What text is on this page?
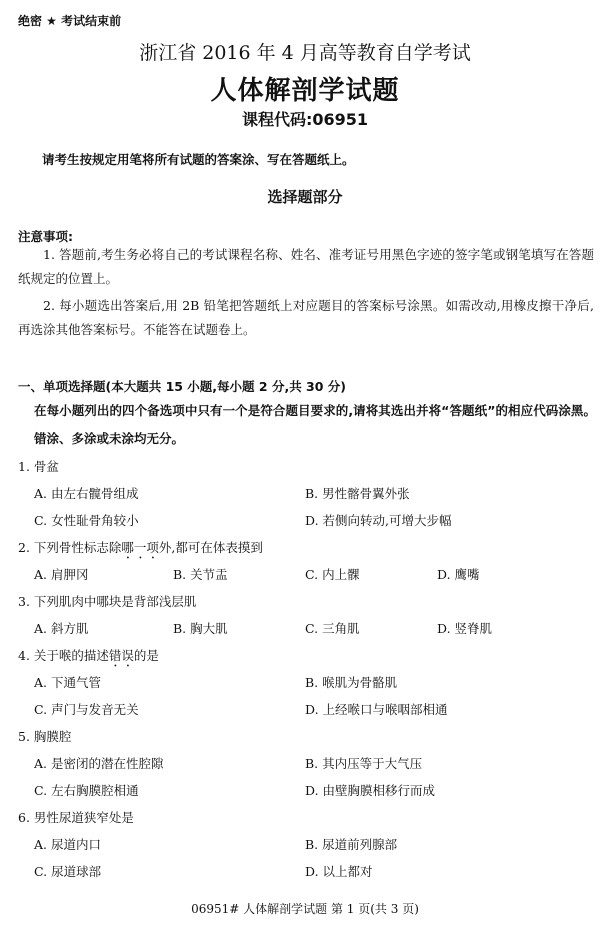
绝密 ★ 考试结束前
浙江省 2016 年 4 月高等教育自学考试
人体解剖学试题
课程代码:06951
请考生按规定用笔将所有试题的答案涂、写在答题纸上。
选择题部分
注意事项:
1. 答题前,考生务必将自己的考试课程名称、姓名、准考证号用黑色字迹的签字笔或钢笔填写在答题纸规定的位置上。
2. 每小题选出答案后,用 2B 铅笔把答题纸上对应题目的答案标号涂黑。如需改动,用橡皮擦干净后,再选涂其他答案标号。不能答在试题卷上。
一、单项选择题(本大题共 15 小题,每小题 2 分,共 30 分)
在每小题列出的四个备选项中只有一个是符合题目要求的,请将其选出并将“答题纸”的相应代码涂黑。错涂、多涂或未涂均无分。
1. 骨盆
A. 由左右髋骨组成	B. 男性髂骨翼外张
C. 女性耻骨角较小	D. 若侧向转动,可增大步幅
2. 下列骨性标志除哪一项外,都可在体表摸到
A. 肩胛冈	B. 关节盂	C. 内上髁	D. 鹰嘴
3. 下列肌肉中哪块是背部浅层肌
A. 斜方肌	B. 胸大肌	C. 三角肌	D. 竖脊肌
4. 关于喉的描述错误的是
A. 下通气管	B. 喉肌为骨骼肌
C. 声门与发音无关	D. 上经喉口与喉咽部相通
5. 胸膜腔
A. 是密闭的潜在性腔隙	B. 其内压等于大气压
C. 左右胸膜腔相通	D. 由壁胸膜相移行而成
6. 男性尿道狭窄处是
A. 尿道内口	B. 尿道前列腺部
C. 尿道球部	D. 以上都对
06951# 人体解剖学试题 第 1 页(共 3 页)
